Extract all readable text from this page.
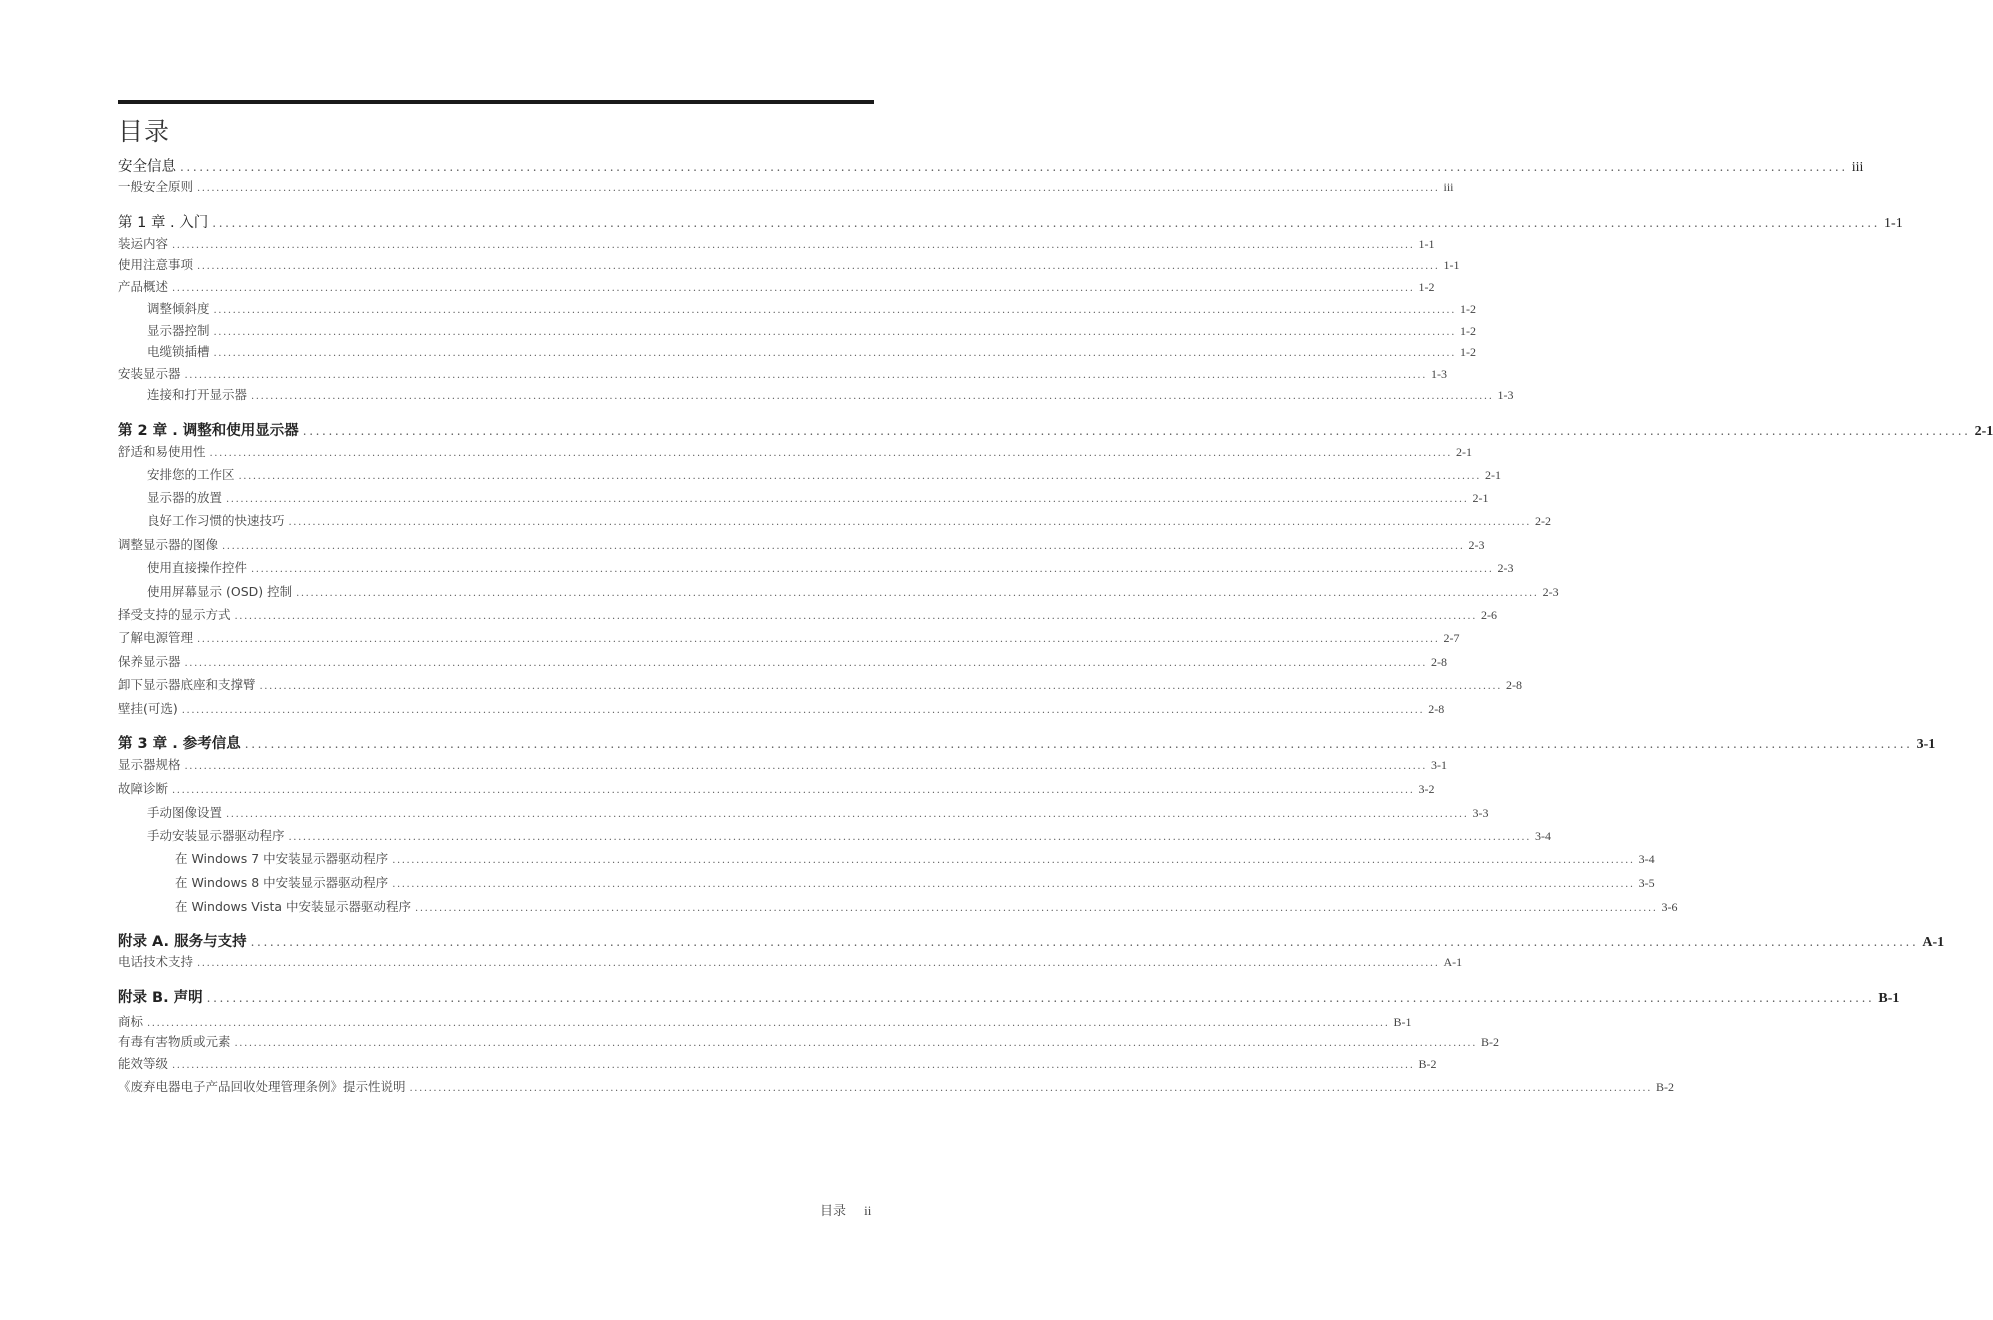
目录
安全信息 .................................................................................................................................................................................................................................................................... iii
一般安全原则 .................................................................................................................................................................................................................................................................... iii
第 1 章 . 入门 .................................................................................................................................................................................................................................................................... 1-1
装运内容 .................................................................................................................................................................................................................................................................... 1-1
使用注意事项 .................................................................................................................................................................................................................................................................... 1-1
产品概述 .................................................................................................................................................................................................................................................................... 1-2
调整倾斜度 .................................................................................................................................................................................................................................................................... 1-2
显示器控制 .................................................................................................................................................................................................................................................................... 1-2
电缆锁插槽 .................................................................................................................................................................................................................................................................... 1-2
安装显示器 .................................................................................................................................................................................................................................................................... 1-3
连接和打开显示器 .................................................................................................................................................................................................................................................................... 1-3
第 2 章 . 调整和使用显示器 .................................................................................................................................................................................................................................................................... 2-1
舒适和易使用性 .................................................................................................................................................................................................................................................................... 2-1
安排您的工作区 .................................................................................................................................................................................................................................................................... 2-1
显示器的放置 .................................................................................................................................................................................................................................................................... 2-1
良好工作习惯的快速技巧 .................................................................................................................................................................................................................................................................... 2-2
调整显示器的图像 .................................................................................................................................................................................................................................................................... 2-3
使用直接操作控件 .................................................................................................................................................................................................................................................................... 2-3
使用屏幕显示 (OSD) 控制 .................................................................................................................................................................................................................................................................... 2-3
择受支持的显示方式 .................................................................................................................................................................................................................................................................... 2-6
了解电源管理 .................................................................................................................................................................................................................................................................... 2-7
保养显示器 .................................................................................................................................................................................................................................................................... 2-8
卸下显示器底座和支撑臂 .................................................................................................................................................................................................................................................................... 2-8
壁挂(可选) .................................................................................................................................................................................................................................................................... 2-8
第 3 章 . 参考信息 .................................................................................................................................................................................................................................................................... 3-1
显示器规格 .................................................................................................................................................................................................................................................................... 3-1
故障诊断 .................................................................................................................................................................................................................................................................... 3-2
手动图像设置 .................................................................................................................................................................................................................................................................... 3-3
手动安装显示器驱动程序 .................................................................................................................................................................................................................................................................... 3-4
在 Windows 7 中安装显示器驱动程序 .................................................................................................................................................................................................................................................................... 3-4
在 Windows 8 中安装显示器驱动程序 .................................................................................................................................................................................................................................................................... 3-5
在 Windows Vista 中安装显示器驱动程序 .................................................................................................................................................................................................................................................................... 3-6
附录 A. 服务与支持 .................................................................................................................................................................................................................................................................... A-1
电话技术支持 .................................................................................................................................................................................................................................................................... A-1
附录 B. 声明 .................................................................................................................................................................................................................................................................... B-1
商标 .................................................................................................................................................................................................................................................................... B-1
有毒有害物质或元素 .................................................................................................................................................................................................................................................................... B-2
能效等级 .................................................................................................................................................................................................................................................................... B-2
《废弃电器电子产品回收处理管理条例》提示性说明 .................................................................................................................................................................................................................................................................... B-2
目录 ii
